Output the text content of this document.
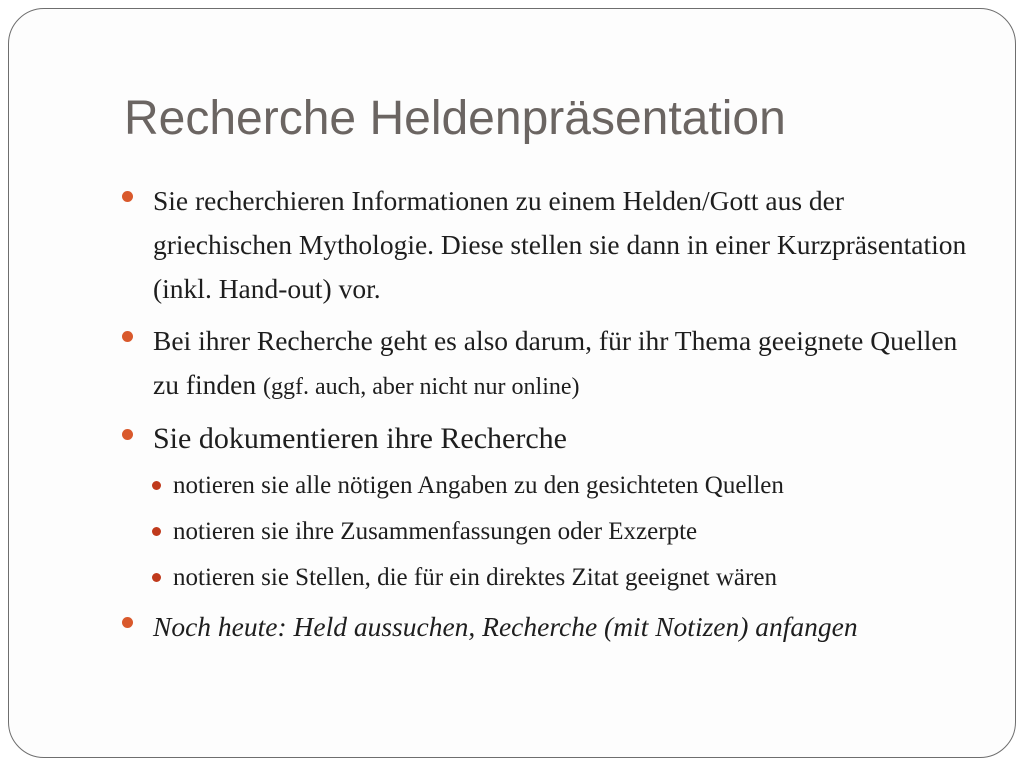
Recherche Heldenpräsentation
Sie recherchieren Informationen zu einem Helden/Gott aus der griechischen Mythologie. Diese stellen sie dann in einer Kurzpräsentation (inkl. Hand-out) vor.
Bei ihrer Recherche geht es also darum, für ihr Thema geeignete Quellen zu finden (ggf. auch, aber nicht nur online)
Sie dokumentieren ihre Recherche
notieren sie alle nötigen Angaben zu den gesichteten Quellen
notieren sie ihre Zusammenfassungen oder Exzerpte
notieren sie Stellen, die für ein direktes Zitat geeignet wären
Noch heute: Held aussuchen, Recherche (mit Notizen) anfangen
